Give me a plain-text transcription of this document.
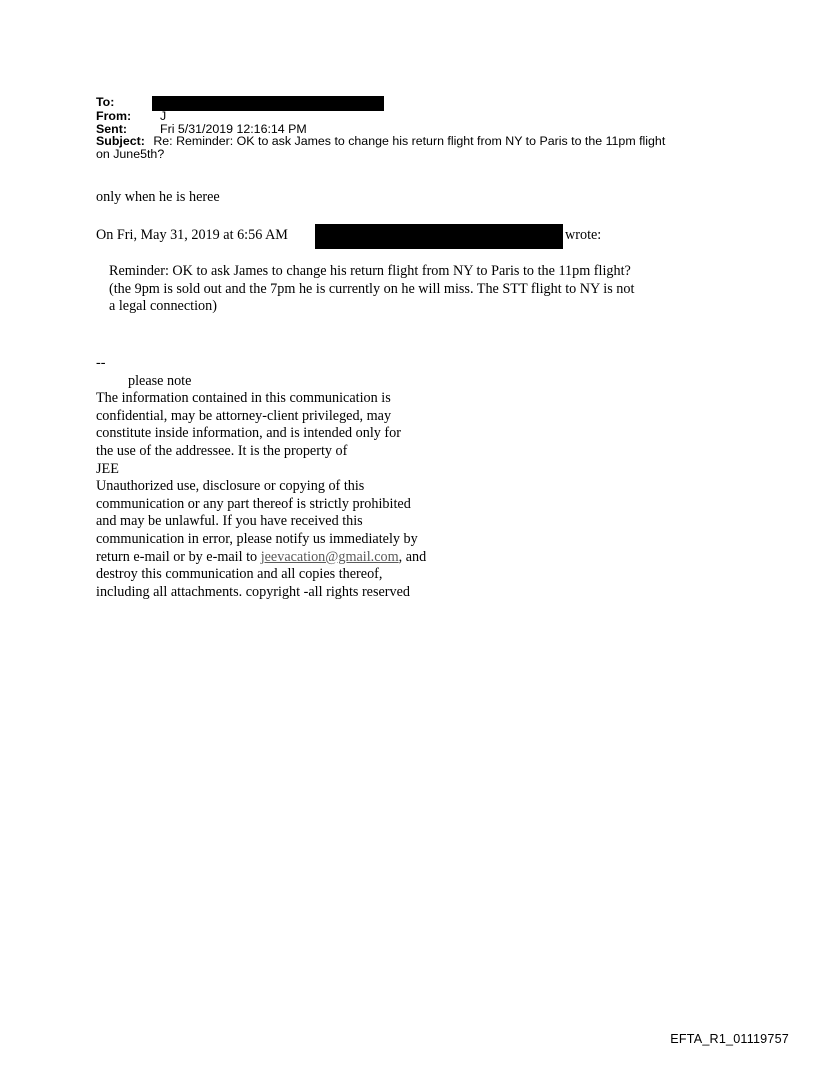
To:
From: J
Sent:	Fri 5/31/2019 12:16:14 PM
Subject: Re: Reminder: OK to ask James to change his return flight from NY to Paris to the 11pm flight
on June5th?
only when he is heree
On Fri, May 31, 2019 at 6:56 AM	wrote:
Reminder: OK to ask James to change his return flight from NY to Paris to the 11pm flight?
(the 9pm is sold out and the 7pm he is currently on he will miss. The STT flight to NY is not
a legal connection)
--
please note
The information contained in this communication is
confidential, may be attorney-client privileged, may
constitute inside information, and is intended only for
the use of the addressee. It is the property of
JEE
Unauthorized use, disclosure or copying of this
communication or any part thereof is strictly prohibited
and may be unlawful. If you have received this
communication in error, please notify us immediately by
return e-mail or by e-mail to jeevacation@gmail.com, and
destroy this communication and all copies thereof,
including all attachments. copyright -all rights reserved
EFTA_R1_01119757
